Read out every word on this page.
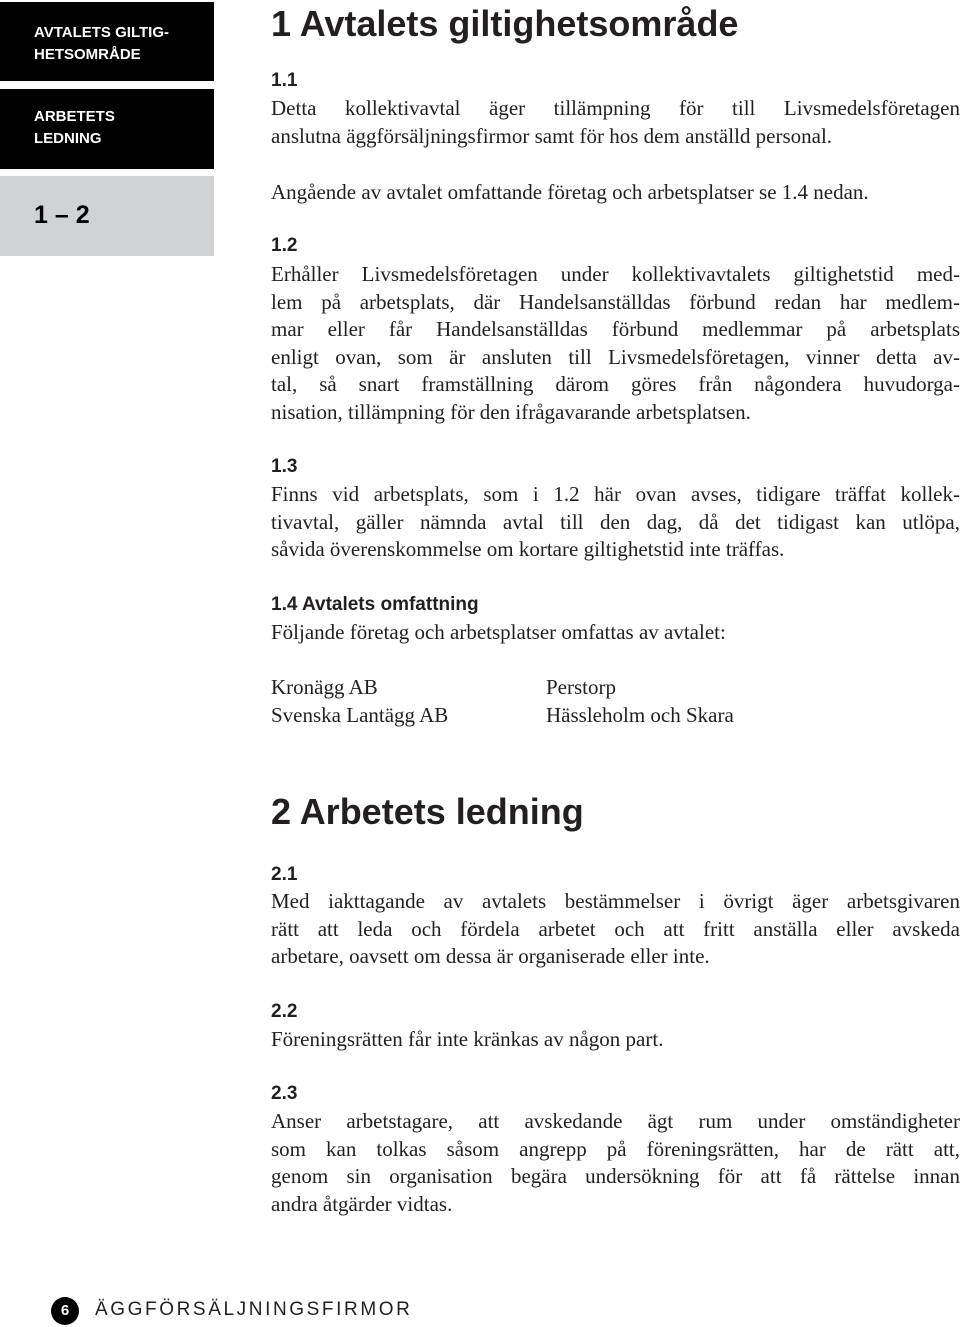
AVTALETS GILTIG-
HETSOMRÅDE
ARBETETS
LEDNING
1 – 2
1 Avtalets giltighetsområde
1.1
Detta kollektivavtal äger tillämpning för till Livsmedelsföretagen
anslutna äggförsäljningsfirmor samt för hos dem anställd personal.
Angående av avtalet omfattande företag och arbetsplatser se 1.4 nedan.
1.2
Erhåller Livsmedelsföretagen under kollektivavtalets giltighetstid med-
lem på arbetsplats, där Handelsanställdas förbund redan har medlem-
mar eller får Handelsanställdas förbund medlemmar på arbetsplats
enligt ovan, som är ansluten till Livsmedelsföretagen, vinner detta av-
tal, så snart framställning därom göres från någondera huvudorga-
nisation, tillämpning för den ifrågavarande arbetsplatsen.
1.3
Finns vid arbetsplats, som i 1.2 här ovan avses, tidigare träffat kollek-
tivavtal, gäller nämnda avtal till den dag, då det tidigast kan utlöpa,
såvida överenskommelse om kortare giltighetstid inte träffas.
1.4 Avtalets omfattning
Följande företag och arbetsplatser omfattas av avtalet:
Kronägg AB	Perstorp
Svenska Lantägg AB	Hässleholm och Skara
2 Arbetets ledning
2.1
Med iakttagande av avtalets bestämmelser i övrigt äger arbetsgivaren
rätt att leda och fördela arbetet och att fritt anställa eller avskeda
arbetare, oavsett om dessa är organiserade eller inte.
2.2
Föreningsrätten får inte kränkas av någon part.
2.3
Anser arbetstagare, att avskedande ägt rum under omständigheter
som kan tolkas såsom angrepp på föreningsrätten, har de rätt att,
genom sin organisation begära undersökning för att få rättelse innan
andra åtgärder vidtas.
6	ÄGGFÖRSÄLJNINGSFIRMOR
